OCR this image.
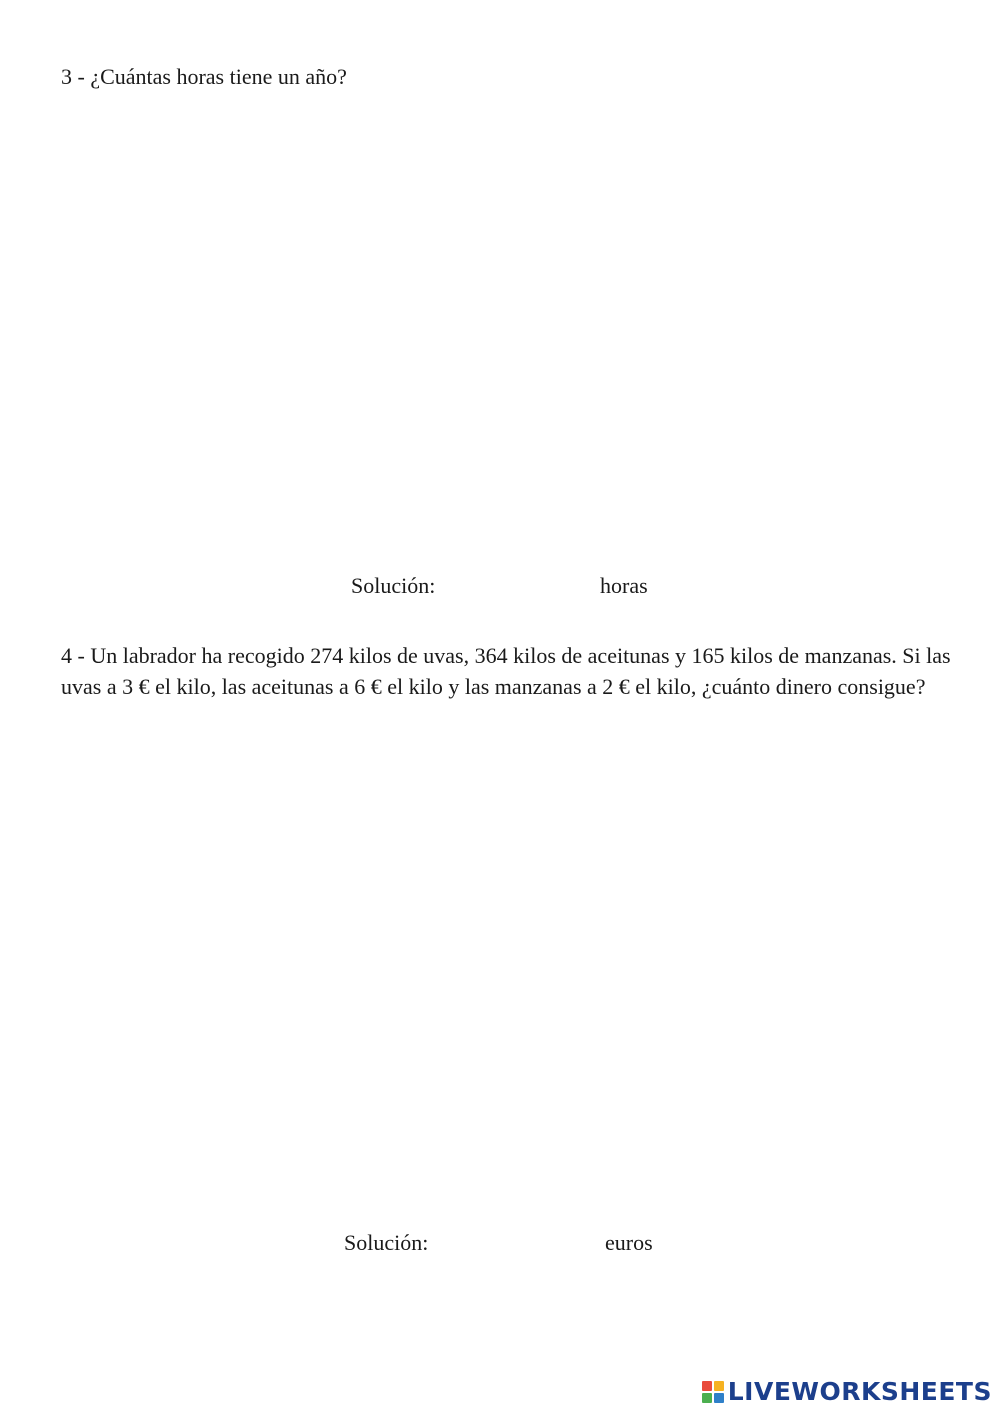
3 - ¿Cuántas horas tiene un año?

Solución:	horas

4 - Un labrador ha recogido 274 kilos de uvas, 364 kilos de aceitunas y 165 kilos de manzanas. Si las uvas a 3 € el kilo, las aceitunas a 6 € el kilo y las manzanas a 2 € el kilo, ¿cuánto dinero consigue?

Solución:	euros
LIVEWORKSHEETS
